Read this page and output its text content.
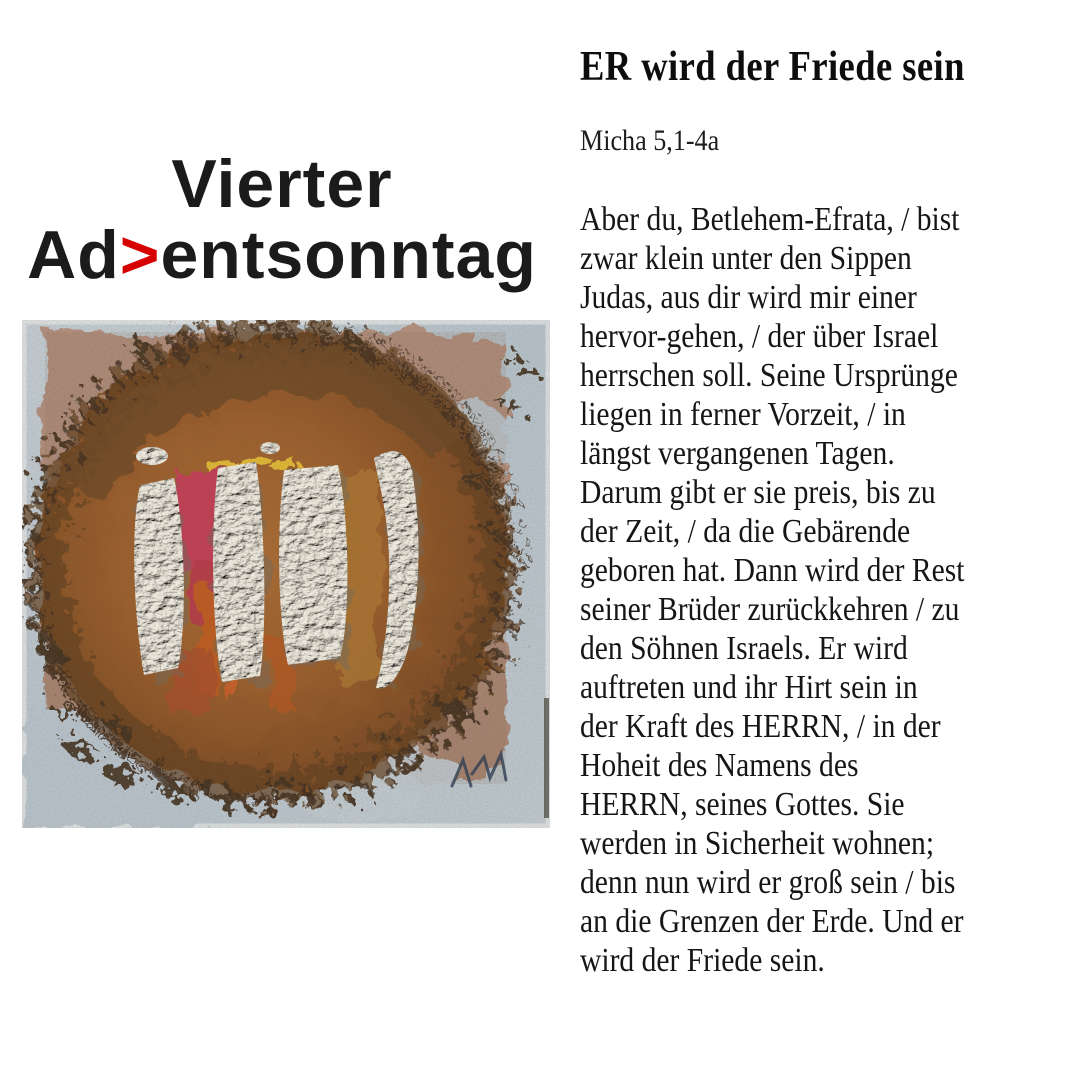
Vierter
Ad>entsonntag
ER wird der Friede sein
Micha 5,1-4a
Aber du, Betlehem-Efrata, / bist
zwar klein unter den Sippen
Judas, aus dir wird mir einer
hervor-gehen, / der über Israel
herrschen soll. Seine Ursprünge
liegen in ferner Vorzeit, / in
längst vergangenen Tagen.
Darum gibt er sie preis, bis zu
der Zeit, / da die Gebärende
geboren hat. Dann wird der Rest
seiner Brüder zurückkehren / zu
den Söhnen Israels. Er wird
auftreten und ihr Hirt sein in
der Kraft des HERRN, / in der
Hoheit des Namens des
HERRN, seines Gottes. Sie
werden in Sicherheit wohnen;
denn nun wird er groß sein / bis
an die Grenzen der Erde. Und er
wird der Friede sein.
